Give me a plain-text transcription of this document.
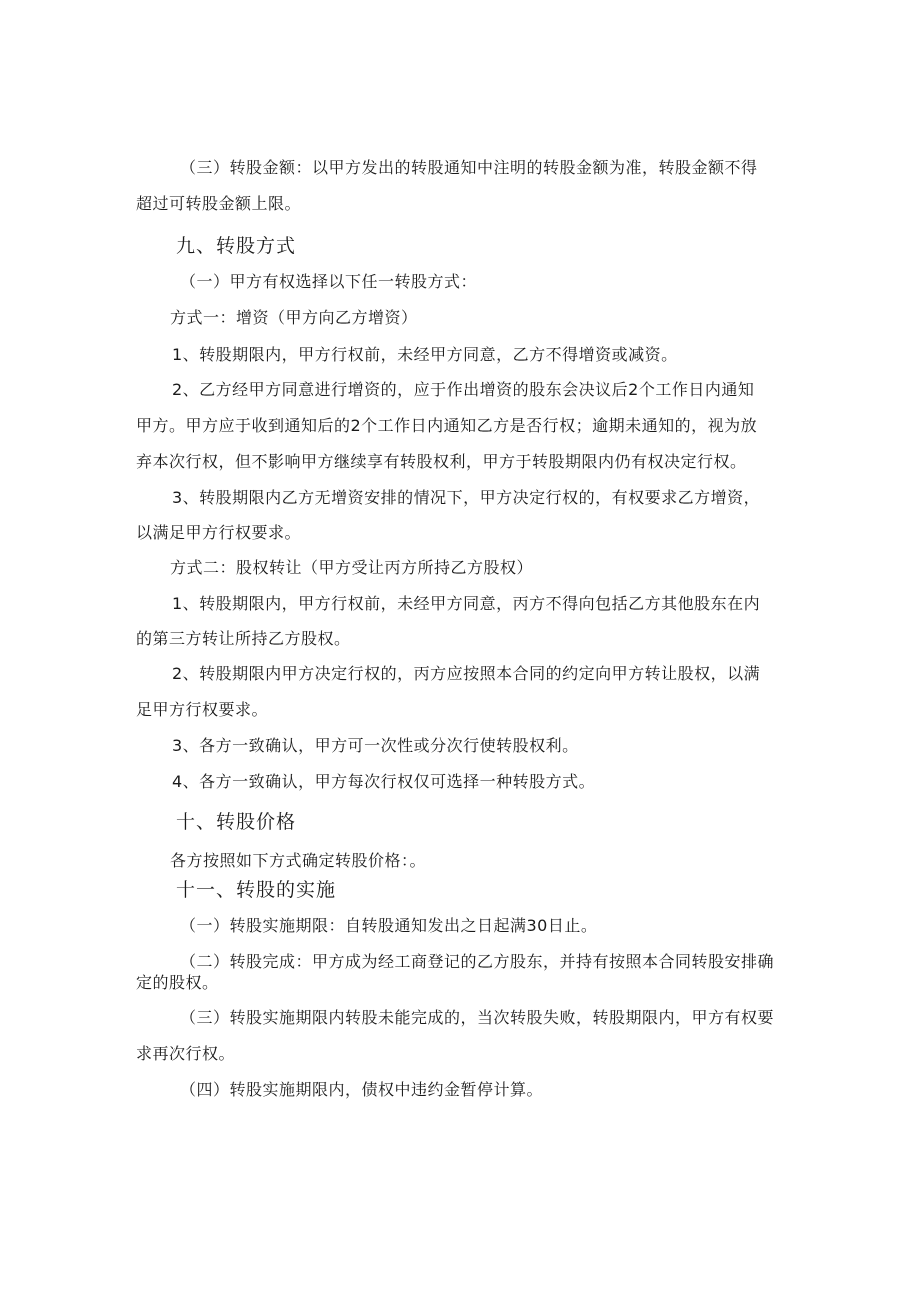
（三）转股金额：以甲方发出的转股通知中注明的转股金额为准，转股金额不得
超过可转股金额上限。
九、转股方式
（一）甲方有权选择以下任一转股方式：
方式一：增资（甲方向乙方增资）
1、转股期限内，甲方行权前，未经甲方同意，乙方不得增资或减资。
2、乙方经甲方同意进行增资的，应于作出增资的股东会决议后2个工作日内通知
甲方。甲方应于收到通知后的2个工作日内通知乙方是否行权；逾期未通知的，视为放
弃本次行权，但不影响甲方继续享有转股权利，甲方于转股期限内仍有权决定行权。
3、转股期限内乙方无增资安排的情况下，甲方决定行权的，有权要求乙方增资，
以满足甲方行权要求。
方式二：股权转让（甲方受让丙方所持乙方股权）
1、转股期限内，甲方行权前，未经甲方同意，丙方不得向包括乙方其他股东在内
的第三方转让所持乙方股权。
2、转股期限内甲方决定行权的，丙方应按照本合同的约定向甲方转让股权，以满
足甲方行权要求。
3、各方一致确认，甲方可一次性或分次行使转股权利。
4、各方一致确认，甲方每次行权仅可选择一种转股方式。
十、转股价格
各方按照如下方式确定转股价格：。
十一、转股的实施
（一）转股实施期限：自转股通知发出之日起满30日止。
（二）转股完成：甲方成为经工商登记的乙方股东，并持有按照本合同转股安排确
定的股权。
（三）转股实施期限内转股未能完成的，当次转股失败，转股期限内，甲方有权要
求再次行权。
（四）转股实施期限内，债权中违约金暂停计算。
